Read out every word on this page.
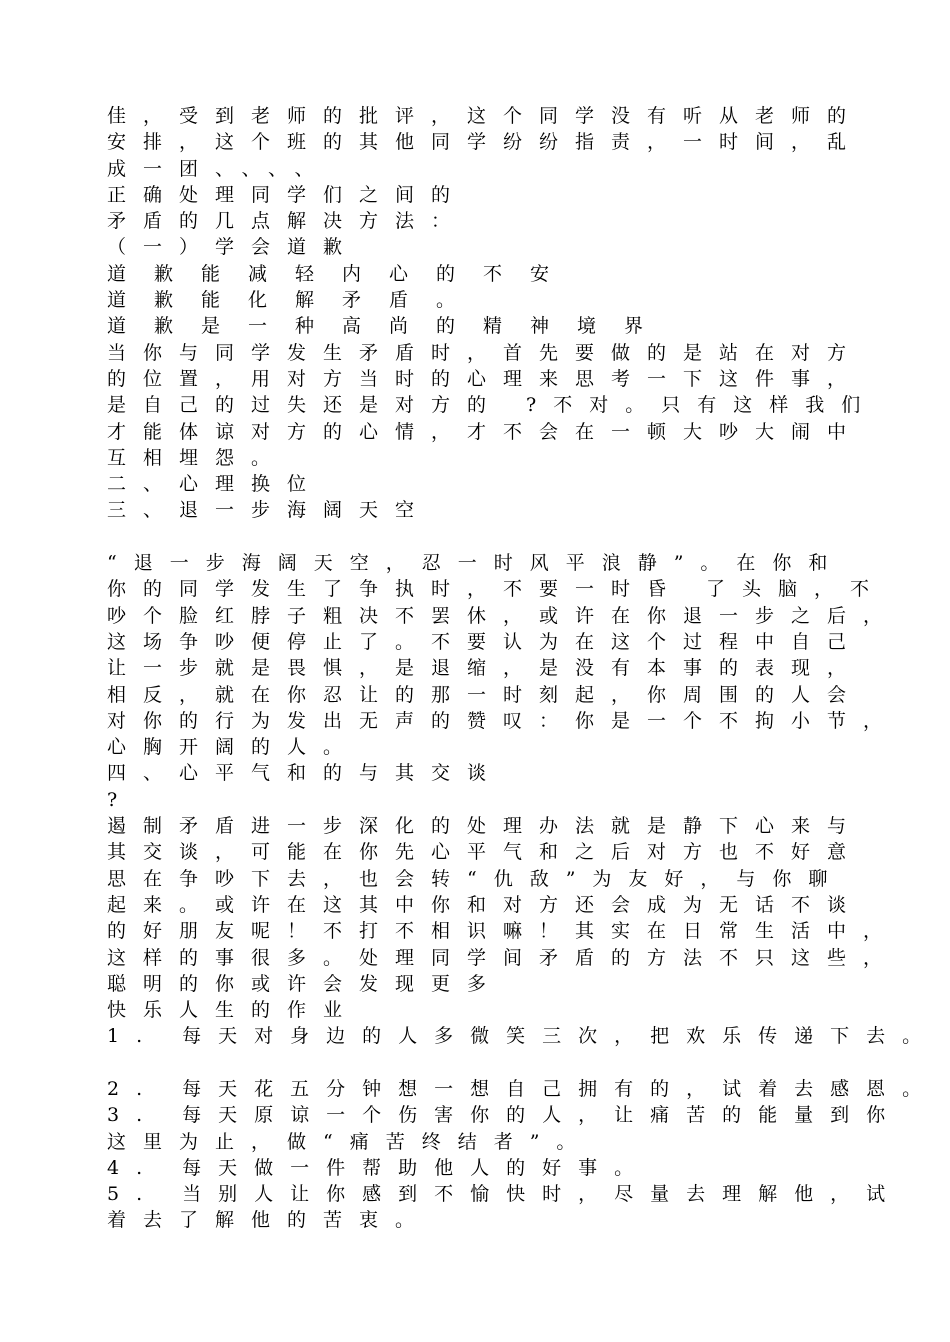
佳，受到老师的批评，这个同学没有听从老师的
安排，这个班的其他同学纷纷指责，一时间，乱
成一团、、、、
正确处理同学们之间的
矛盾的几点解决方法：
（一）学会道歉
道歉能减轻内心的不安
道歉能化解矛盾。
道歉是一种高尚的精神境界
当你与同学发生矛盾时，首先要做的是站在对方
的位置，用对方当时的心理来思考一下这件事，
是自己的过失还是对方的 ?不对。只有这样我们
才能体谅对方的心情，才不会在一顿大吵大闹中
互相埋怨。
二、心理换位
三、退一步海阔天空
“退一步海阔天空，忍一时风平浪静”。在你和
你的同学发生了争执时，不要一时昏 了头脑，不
吵个脸红脖子粗决不罢休，或许在你退一步之后，
这场争吵便停止了。不要认为在这个过程中自己
让一步就是畏惧，是退缩，是没有本事的表现，
相反，就在你忍让的那一时刻起，你周围的人会
对你的行为发出无声的赞叹：你是一个不拘小节，
心胸开阔的人。
四、心平气和的与其交谈
?
遏制矛盾进一步深化的处理办法就是静下心来与
其交谈，可能在你先心平气和之后对方也不好意
思在争吵下去，也会转“仇敌”为友好，与你聊
起来。或许在这其中你和对方还会成为无话不谈
的好朋友呢！不打不相识嘛！其实在日常生活中，
这样的事很多。处理同学间矛盾的方法不只这些，
聪明的你或许会发现更多
快乐人生的作业
1. 每天对身边的人多微笑三次，把欢乐传递下去。
2. 每天花五分钟想一想自己拥有的，试着去感恩。
3. 每天原谅一个伤害你的人，让痛苦的能量到你
这里为止，做“痛苦终结者”。
4. 每天做一件帮助他人的好事。
5. 当别人让你感到不愉快时，尽量去理解他，试
着去了解他的苦衷。
